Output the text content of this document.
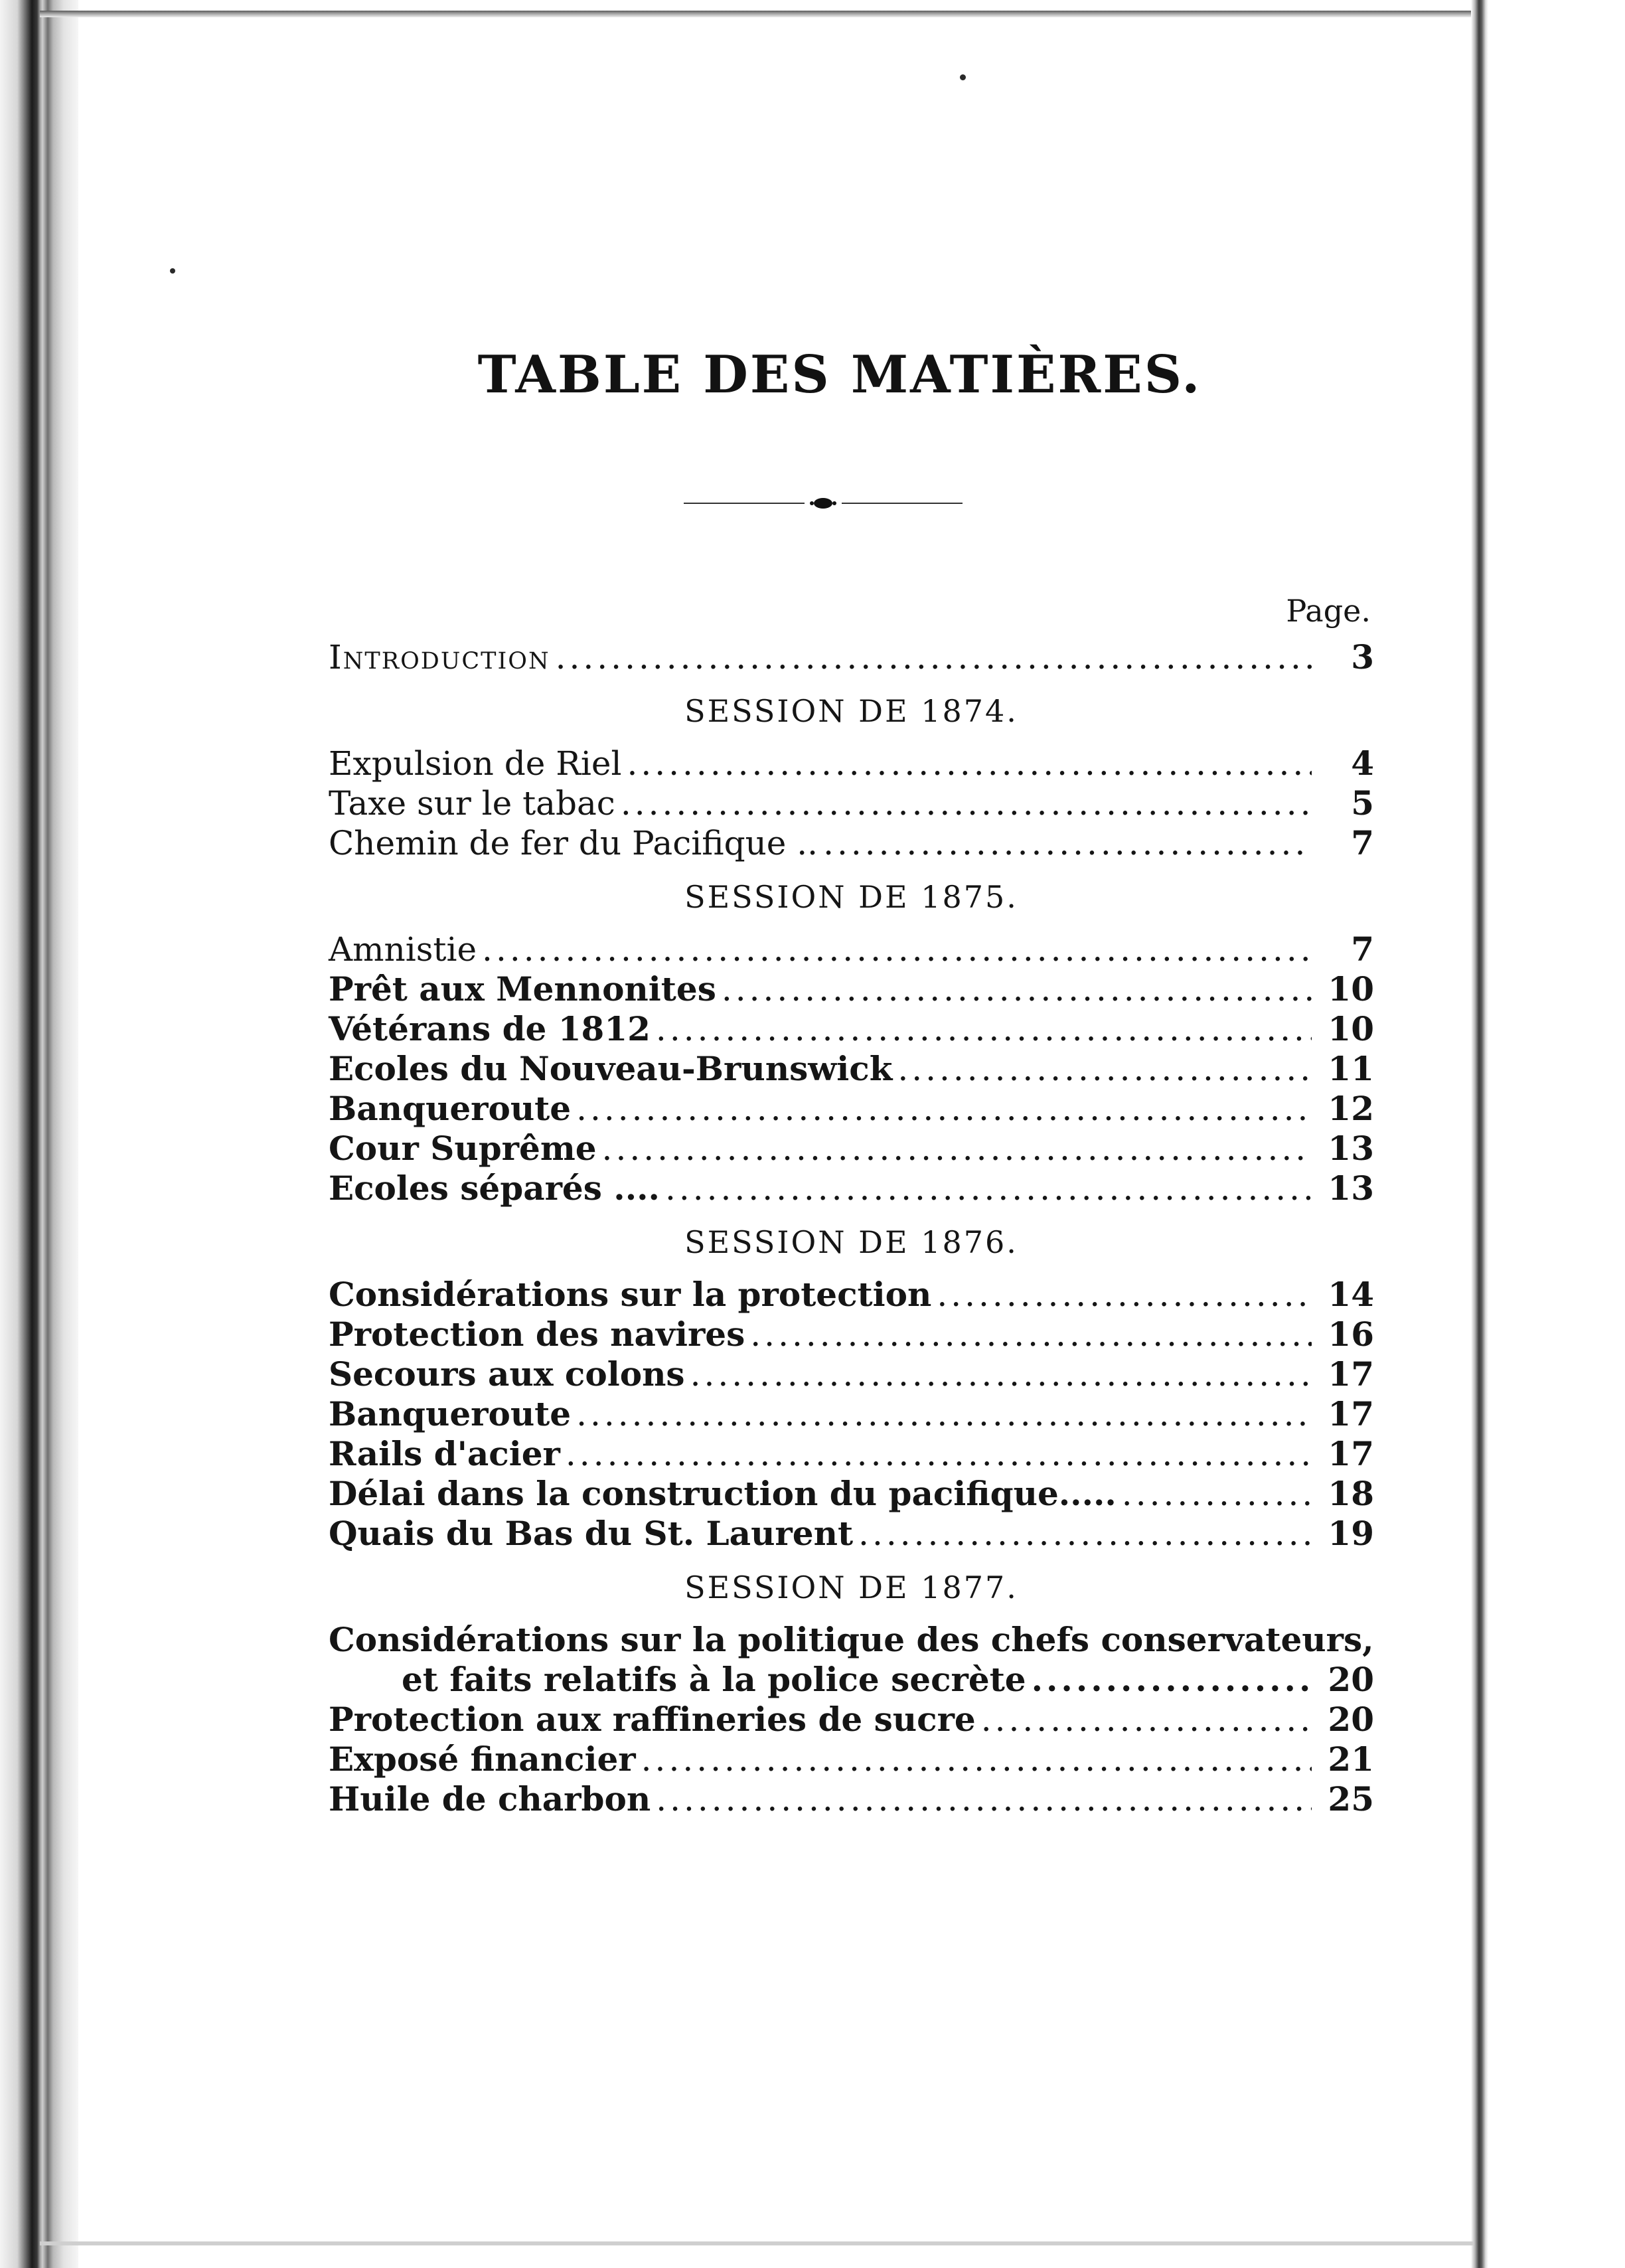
TABLE DES MATIÈRES.
Page.
Introduction .....	3
SESSION DE 1874.
Expulsion de Riel .....	4
Taxe sur le tabac .....	5
Chemin de fer du Pacifique .. .....	7
SESSION DE 1875.
Amnistie .....	7
Prêt aux Mennonites .....	10
Vétérans de 1812 .....	10
Ecoles du Nouveau-Brunswick .....	11
Banqueroute .....	12
Cour Suprême .....	13
Ecoles séparés .... .....	13
SESSION DE 1876.
Considérations sur la protection .....	14
Protection des navires .....	16
Secours aux colons .....	17
Banqueroute .....	17
Rails d'acier .....	17
Délai dans la construction du pacifique..... .....	18
Quais du Bas du St. Laurent .....	19
SESSION DE 1877.
Considérations sur la politique des chefs conservateurs,
et faits relatifs à la police secrète .....	20
Protection aux raffineries de sucre .....	20
Exposé financier .....	21
Huile de charbon .....	25
